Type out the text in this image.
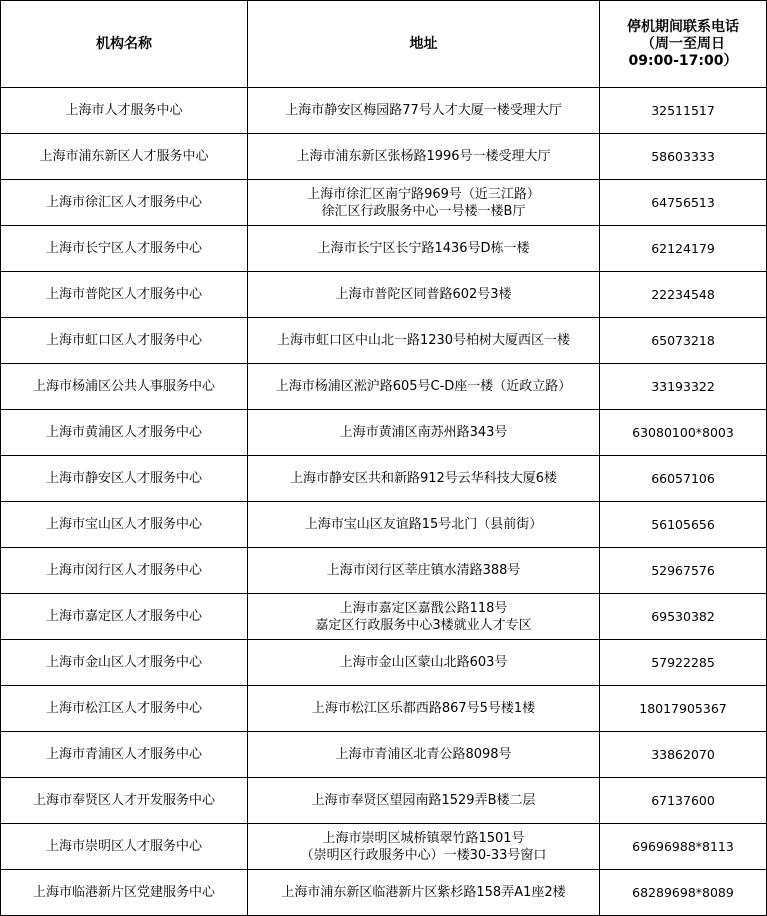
机构名称	地址	停机期间联系电话
（周一至周日
09:00-17:00）

上海市人才服务中心	上海市静安区梅园路77号人才大厦一楼受理大厅	32511517
上海市浦东新区人才服务中心	上海市浦东新区张杨路1996号一楼受理大厅	58603333
上海市徐汇区人才服务中心	上海市徐汇区南宁路969号（近三江路）
徐汇区行政服务中心一号楼一楼B厅	64756513
上海市长宁区人才服务中心	上海市长宁区长宁路1436号D栋一楼	62124179
上海市普陀区人才服务中心	上海市普陀区同普路602号3楼	22234548
上海市虹口区人才服务中心	上海市虹口区中山北一路1230号柏树大厦西区一楼	65073218
上海市杨浦区公共人事服务中心	上海市杨浦区淞沪路605号C-D座一楼（近政立路）	33193322
上海市黄浦区人才服务中心	上海市黄浦区南苏州路343号	63080100*8003
上海市静安区人才服务中心	上海市静安区共和新路912号云华科技大厦6楼	66057106
上海市宝山区人才服务中心	上海市宝山区友谊路15号北门（县前街）	56105656
上海市闵行区人才服务中心	上海市闵行区莘庄镇水清路388号	52967576
上海市嘉定区人才服务中心	上海市嘉定区嘉戬公路118号
嘉定区行政服务中心3楼就业人才专区	69530382
上海市金山区人才服务中心	上海市金山区蒙山北路603号	57922285
上海市松江区人才服务中心	上海市松江区乐都西路867号5号楼1楼	18017905367
上海市青浦区人才服务中心	上海市青浦区北青公路8098号	33862070
上海市奉贤区人才开发服务中心	上海市奉贤区望园南路1529弄B楼二层	67137600
上海市崇明区人才服务中心	上海市崇明区城桥镇翠竹路1501号
（崇明区行政服务中心）一楼30-33号窗口	69696988*8113
上海市临港新片区党建服务中心	上海市浦东新区临港新片区紫杉路158弄A1座2楼	68289698*8089
